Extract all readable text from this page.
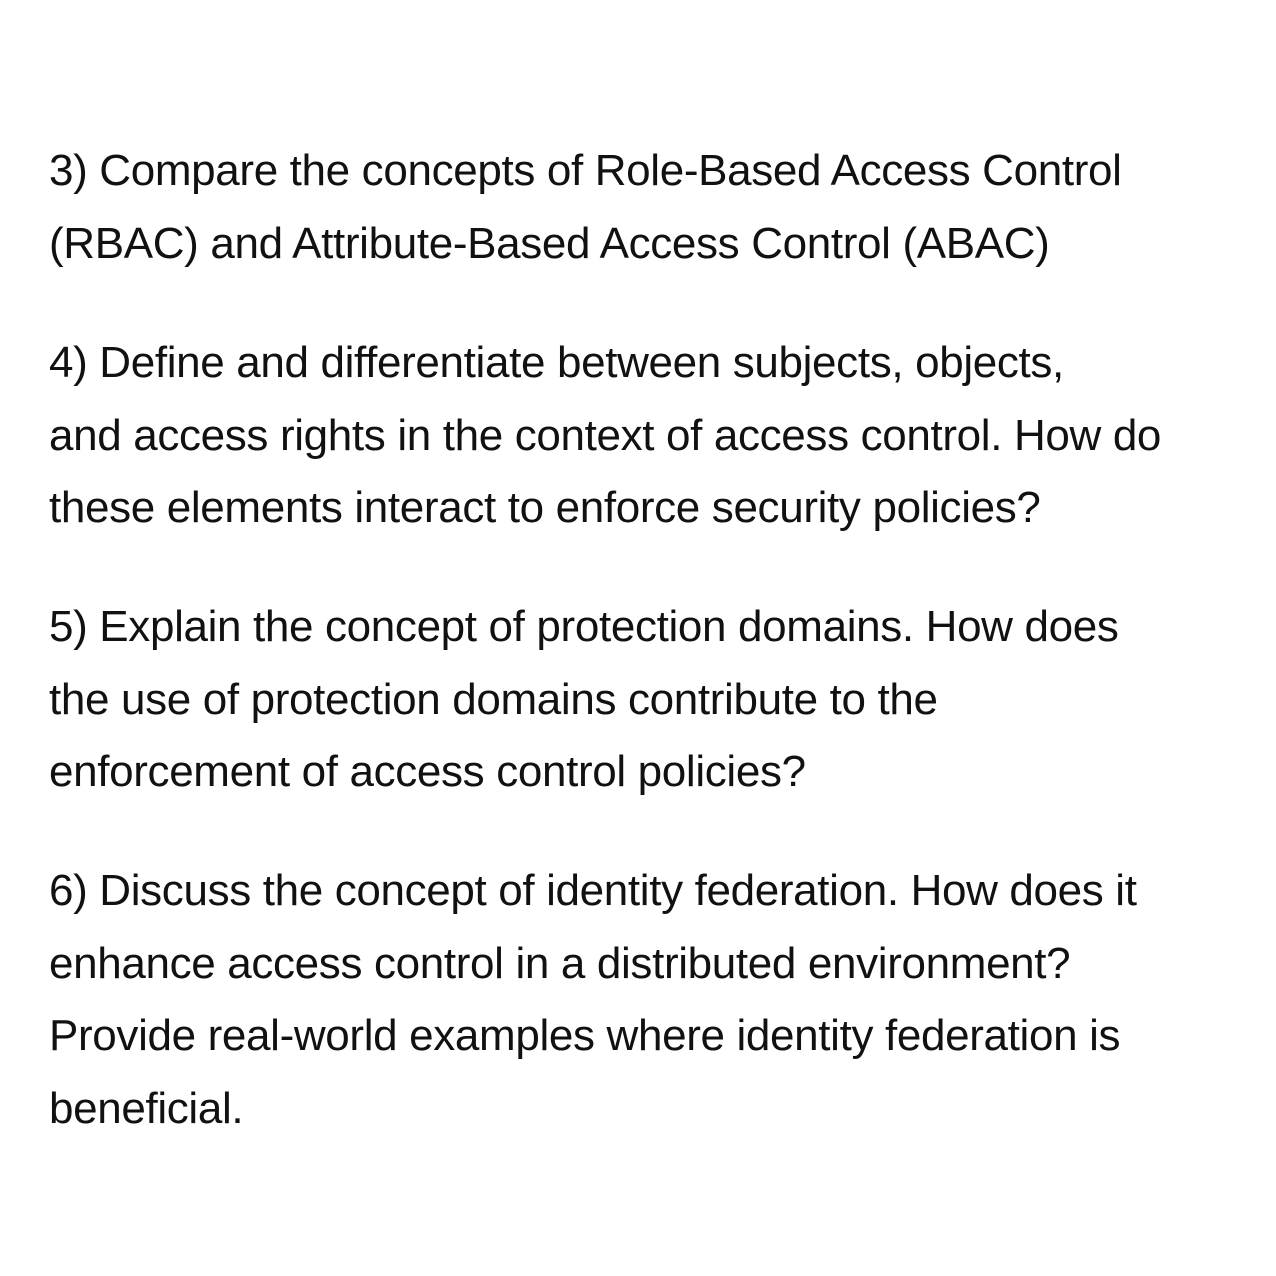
3) Compare the concepts of Role-Based Access Control
(RBAC) and Attribute-Based Access Control (ABAC)

4) Define and differentiate between subjects, objects,
and access rights in the context of access control. How do
these elements interact to enforce security policies?

5) Explain the concept of protection domains. How does
the use of protection domains contribute to the
enforcement of access control policies?

6) Discuss the concept of identity federation. How does it
enhance access control in a distributed environment?
Provide real-world examples where identity federation is
beneficial.
